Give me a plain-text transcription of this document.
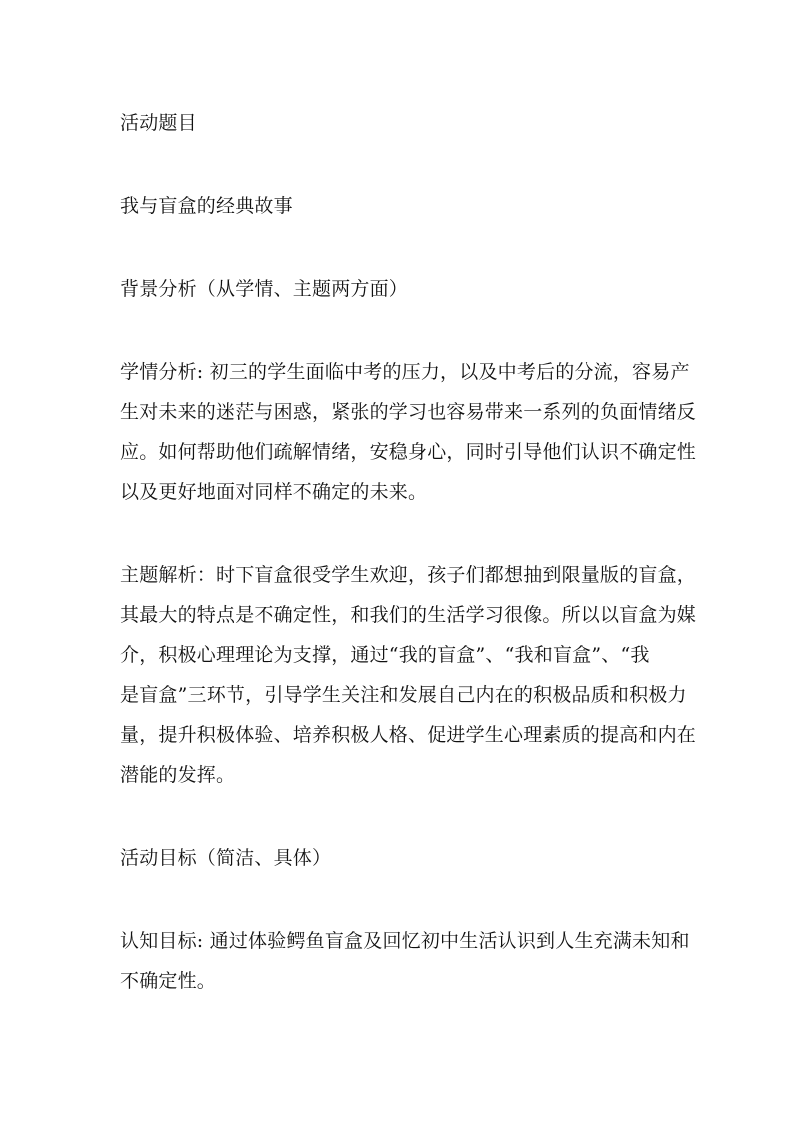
活动题目
我与盲盒的经典故事
背景分析（从学情、主题两方面）
学情分析: 初三的学生面临中考的压力，以及中考后的分流，容易产
生对未来的迷茫与困惑，紧张的学习也容易带来一系列的负面情绪反
应。如何帮助他们疏解情绪，安稳身心，同时引导他们认识不确定性
以及更好地面对同样不确定的未来。
主题解析：时下盲盒很受学生欢迎，孩子们都想抽到限量版的盲盒，
其最大的特点是不确定性，和我们的生活学习很像。所以以盲盒为媒
介，积极心理理论为支撑，通过“我的盲盒”、“我和盲盒”、“我
是盲盒”三环节，引导学生关注和发展自己内在的积极品质和积极力
量，提升积极体验、培养积极人格、促进学生心理素质的提高和内在
潜能的发挥。
活动目标（简洁、具体）
认知目标: 通过体验鳄鱼盲盒及回忆初中生活认识到人生充满未知和
不确定性。
